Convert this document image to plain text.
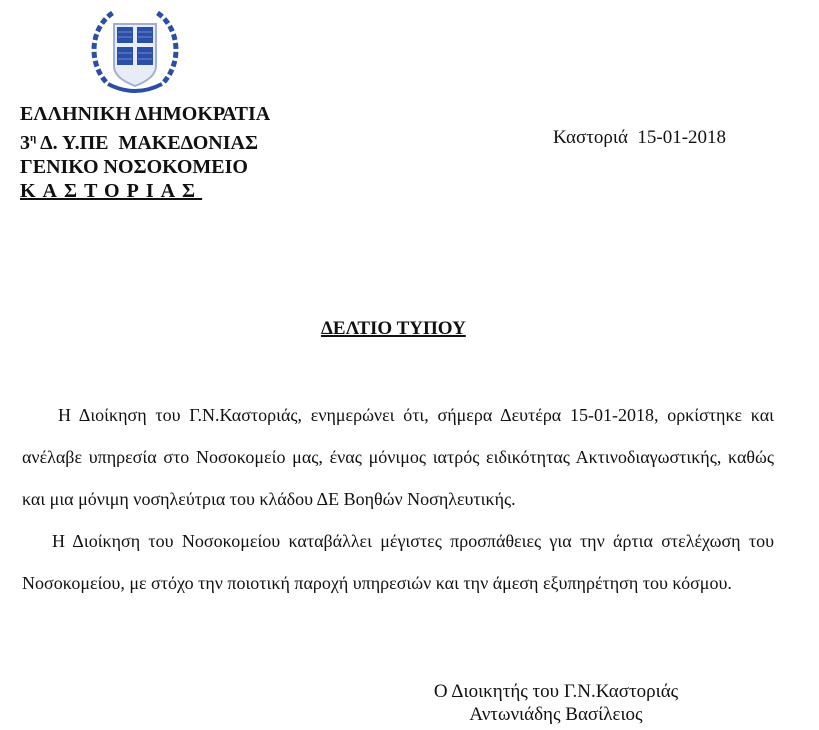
ΕΛΛΗΝΙΚΗ ΔΗΜΟΚΡΑΤΙΑ
$3^\eta$ Δ. Υ.ΠΕ  ΜΑΚΕΔΟΝΙΑΣ
ΓΕΝΙΚΟ ΝΟΣΟΚΟΜΕΙΟ
ΚΑΣΤΟΡΙΑΣ
Καστοριά  15-01-2018
ΔΕΛΤΙΟ ΤΥΠΟΥ
Η Διοίκηση του Γ.Ν.Καστοριάς, ενημερώνει ότι, σήμερα Δευτέρα 15-01-2018, ορκίστηκε και
ανέλαβε υπηρεσία στο Νοσοκομείο μας, ένας μόνιμος ιατρός ειδικότητας Ακτινοδιαγωστικής, καθώς
και μια μόνιμη νοσηλεύτρια του κλάδου ΔΕ Βοηθών Νοσηλευτικής.
Η Διοίκηση του Νοσοκομείου καταβάλλει μέγιστες προσπάθειες για την άρτια στελέχωση του
Νοσοκομείου, με στόχο την ποιοτική παροχή υπηρεσιών και την άμεση εξυπηρέτηση του κόσμου.
Ο Διοικητής του Γ.Ν.Καστοριάς
Αντωνιάδης Βασίλειος
